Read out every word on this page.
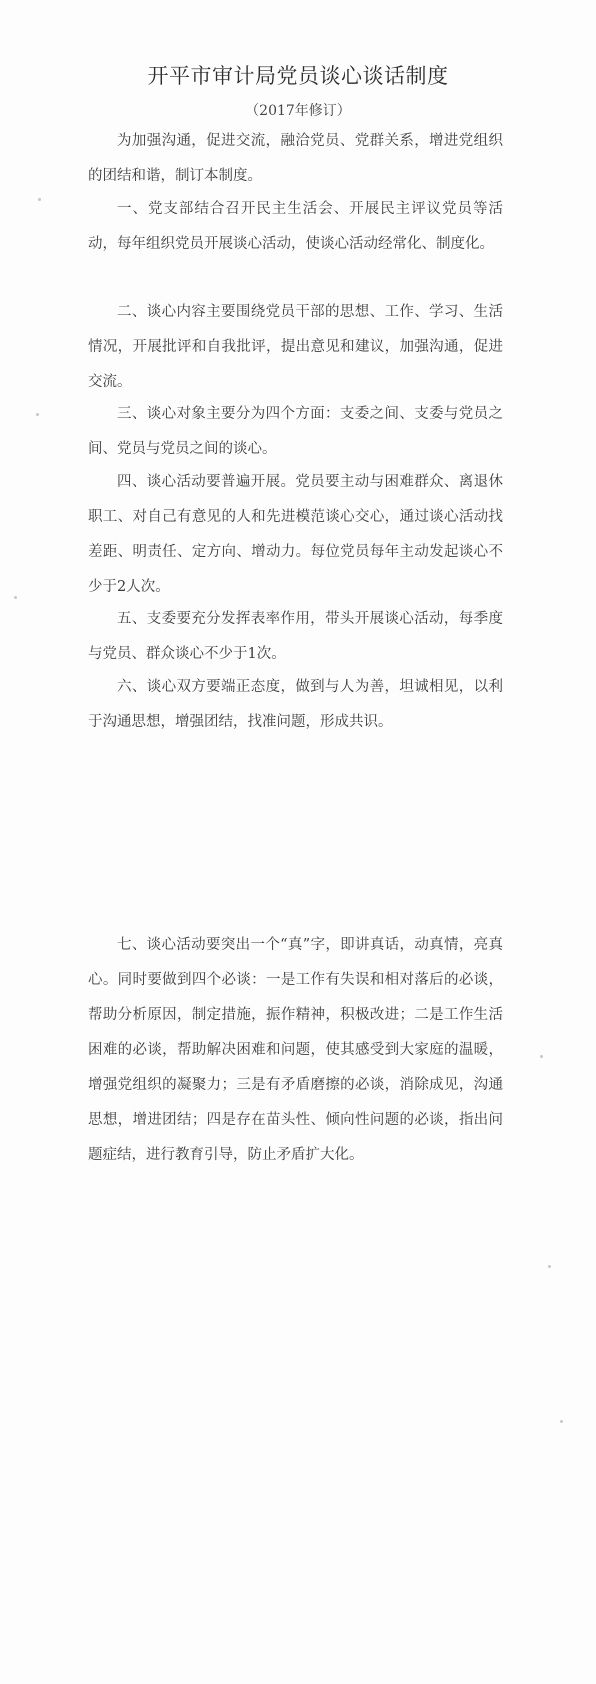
开平市审计局党员谈心谈话制度
（2017年修订）

为加强沟通，促进交流，融洽党员、党群关系，增进党组织的团结和谐，制订本制度。

一、党支部结合召开民主生活会、开展民主评议党员等活动，每年组织党员开展谈心活动，使谈心活动经常化、制度化。

二、谈心内容主要围绕党员干部的思想、工作、学习、生活情况，开展批评和自我批评，提出意见和建议，加强沟通，促进交流。

三、谈心对象主要分为四个方面：支委之间、支委与党员之间、党员与党员之间的谈心。

四、谈心活动要普遍开展。党员要主动与困难群众、离退休职工、对自己有意见的人和先进模范谈心交心，通过谈心活动找差距、明责任、定方向、增动力。每位党员每年主动发起谈心不少于2人次。

五、支委要充分发挥表率作用，带头开展谈心活动，每季度与党员、群众谈心不少于1次。

六、谈心双方要端正态度，做到与人为善，坦诚相见，以利于沟通思想，增强团结，找准问题，形成共识。

七、谈心活动要突出一个“真”字，即讲真话，动真情，亮真心。同时要做到四个必谈：一是工作有失误和相对落后的必谈，帮助分析原因，制定措施，振作精神，积极改进；二是工作生活困难的必谈，帮助解决困难和问题，使其感受到大家庭的温暖，增强党组织的凝聚力；三是有矛盾磨擦的必谈，消除成见，沟通思想，增进团结；四是存在苗头性、倾向性问题的必谈，指出问题症结，进行教育引导，防止矛盾扩大化。
